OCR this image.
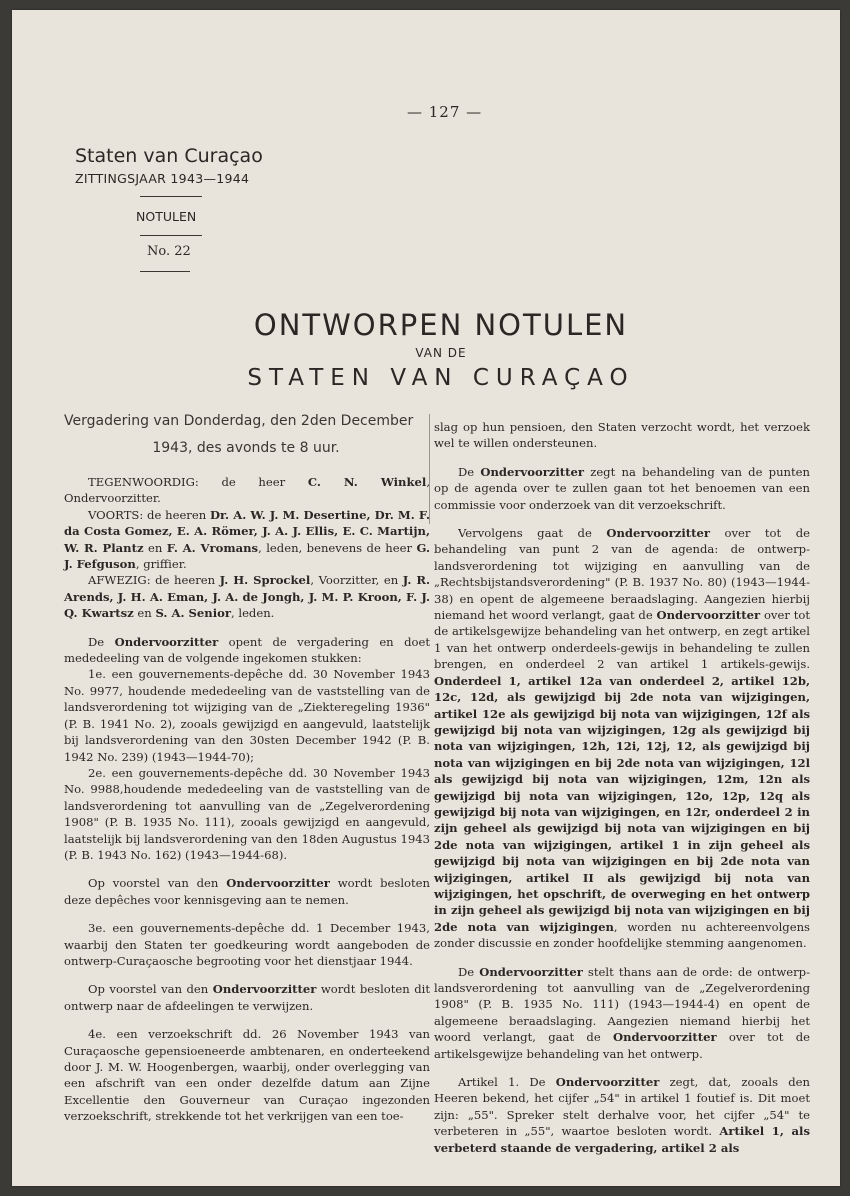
— 127 —
Staten van Curaçao
ZITTINGSJAAR 1943—1944
NOTULEN
No. 22
ONTWORPEN NOTULEN
VAN DE
STATEN VAN CURAÇAO
Vergadering van Donderdag, den 2den December
1943, des avonds te 8 uur.

TEGENWOORDIG: de heer C. N. Winkel, Ondervoorzitter.

VOORTS: de heeren Dr. A. W. J. M. Desertine, Dr. M. F. da Costa Gomez, E. A. Römer, J. A. J. Ellis, E. C. Martijn, W. R. Plantz en F. A. Vromans, leden, benevens de heer G. J. Fefguson, griffier.

AFWEZIG: de heeren J. H. Sprockel, Voorzitter, en J. R. Arends, J. H. A. Eman, J. A. de Jongh, J. M. P. Kroon, F. J. Q. Kwartsz en S. A. Senior, leden.

De Ondervoorzitter opent de vergadering en doet mededeeling van de volgende ingekomen stukken:

1e. een gouvernements-depêche dd. 30 November 1943 No. 9977, houdende mededeeling van de vaststelling van de landsverordening tot wijziging van de „Ziekteregeling 1936" (P. B. 1941 No. 2), zooals gewijzigd en aangevuld, laatstelijk bij landsverordening van den 30sten December 1942 (P. B. 1942 No. 239) (1943—1944-70);

2e. een gouvernements-depêche dd. 30 November 1943 No. 9988,houdende mededeeling van de vaststelling van de landsverordening tot aanvulling van de „Zegelverordening 1908" (P. B. 1935 No. 111), zooals gewijzigd en aangevuld, laatstelijk bij landsverordening van den 18den Augustus 1943 (P. B. 1943 No. 162) (1943—1944-68).

Op voorstel van den Ondervoorzitter wordt besloten deze depêches voor kennisgeving aan te nemen.

3e. een gouvernements-depêche dd. 1 December 1943, waarbij den Staten ter goedkeuring wordt aangeboden de ontwerp-Curaçaosche begrooting voor het dienstjaar 1944.

Op voorstel van den Ondervoorzitter wordt besloten dit ontwerp naar de afdeelingen te verwijzen.

4e. een verzoekschrift dd. 26 November 1943 van Curaçaosche gepensioeneerde ambtenaren, en onderteekend door J. M. W. Hoogenbergen, waarbij, onder overlegging van een afschrift van een onder dezelfde datum aan Zijne Excellentie den Gouverneur van Curaçao ingezonden verzoekschrift, strekkende tot het verkrijgen van een toe-

slag op hun pensioen, den Staten verzocht wordt, het verzoek wel te willen ondersteunen.

De Ondervoorzitter zegt na behandeling van de punten op de agenda over te zullen gaan tot het benoemen van een commissie voor onderzoek van dit verzoekschrift.

Vervolgens gaat de Ondervoorzitter over tot de behandeling van punt 2 van de agenda: de ontwerp-landsverordening tot wijziging en aanvulling van de „Rechtsbijstandsverordening" (P. B. 1937 No. 80) (1943—1944-38) en opent de algemeene beraadslaging. Aangezien hierbij niemand het woord verlangt, gaat de Ondervoorzitter over tot de artikelsgewijze behandeling van het ontwerp, en zegt artikel 1 van het ontwerp onderdeels-gewijs in behandeling te zullen brengen, en onderdeel 2 van artikel 1 artikels-gewijs. Onderdeel 1, artikel 12a van onderdeel 2, artikel 12b, 12c, 12d, als gewijzigd bij 2de nota van wijzigingen, artikel 12e als gewijzigd bij nota van wijzigingen, 12f als gewijzigd bij nota van wijzigingen, 12g als gewijzigd bij nota van wijzigingen, 12h, 12i, 12j, 12, als gewijzigd bij nota van wijzigingen en bij 2de nota van wijzigingen, 12l als gewijzigd bij nota van wijzigingen, 12m, 12n als gewijzigd bij nota van wijzigingen, 12o, 12p, 12q als gewijzigd bij nota van wijzigingen, en 12r, onderdeel 2 in zijn geheel als gewijzigd bij nota van wijzigingen en bij 2de nota van wijzigingen, artikel 1 in zijn geheel als gewijzigd bij nota van wijzigingen en bij 2de nota van wijzigingen, artikel II als gewijzigd bij nota van wijzigingen, het opschrift, de overweging en het ontwerp in zijn geheel als gewijzigd bij nota van wijzigingen en bij 2de nota van wijzigingen, worden nu achtereenvolgens zonder discussie en zonder hoofdelijke stemming aangenomen.

De Ondervoorzitter stelt thans aan de orde: de ontwerp-landsverordening tot aanvulling van de „Zegelverordening 1908" (P. B. 1935 No. 111) (1943—1944-4) en opent de algemeene beraadslaging. Aangezien niemand hierbij het woord verlangt, gaat de Ondervoorzitter over tot de artikelsgewijze behandeling van het ontwerp.

Artikel 1. De Ondervoorzitter zegt, dat, zooals den Heeren bekend, het cijfer „54" in artikel 1 foutief is. Dit moet zijn: „55". Spreker stelt derhalve voor, het cijfer „54" te verbeteren in „55", waartoe besloten wordt. Artikel 1, als verbeterd staande de vergadering, artikel 2 als
